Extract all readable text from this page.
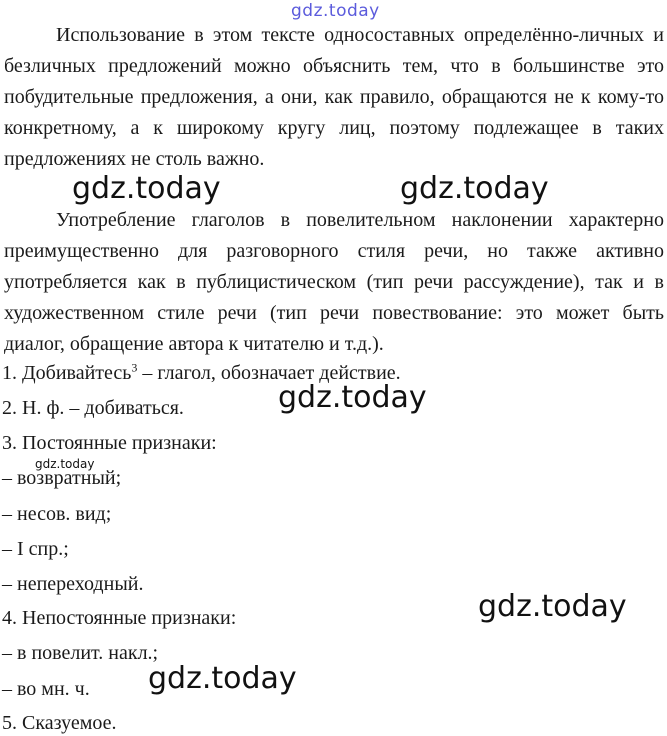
gdz.today

Использование в этом тексте односоставных определённо-личных и безличных предложений можно объяснить тем, что в большинстве это побудительные предложения, а они, как правило, обращаются не к кому-то конкретному, а к широкому кругу лиц, поэтому подлежащее в таких предложениях не столь важно.

gdz.today	gdz.today

Употребление глаголов в повелительном наклонении характерно преимущественно для разговорного стиля речи, но также активно употребляется как в публицистическом (тип речи рассуждение), так и в художественном стиле речи (тип речи повествование: это может быть диалог, обращение автора к читателю и т.д.).

1. Добивайтесь$^3$ – глагол, обозначает действие.
gdz.today
2. Н. ф. – добиваться.
3. Постоянные признаки:
gdz.today
– возвратный;
– несов. вид;
– I спр.;
– непереходный.
gdz.today
4. Непостоянные признаки:
– в повелит. накл.;
gdz.today
– во мн. ч.
5. Сказуемое.
